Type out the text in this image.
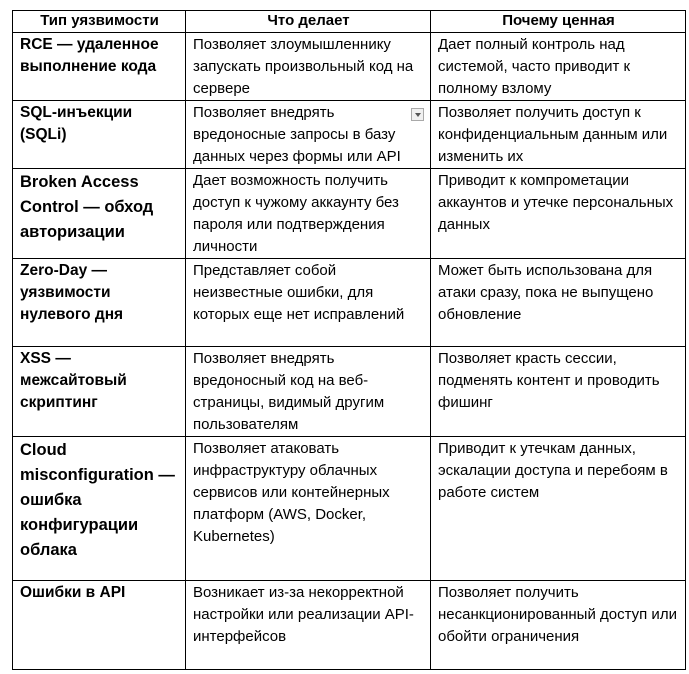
Тип уязвимости	Что делает	Почему ценная
RCE — удаленное выполнение кода	Позволяет злоумышленнику запускать произвольный код на сервере	Дает полный контроль над системой, часто приводит к полному взлому
SQL-инъекции (SQLi)	Позволяет внедрять вредоносные запросы в базу данных через формы или API	Позволяет получить доступ к конфиденциальным данным или изменить их
Broken Access Control — обход авторизации	Дает возможность получить доступ к чужому аккаунту без пароля или подтверждения личности	Приводит к компрометации аккаунтов и утечке персональных данных
Zero-Day — уязвимости нулевого дня	Представляет собой неизвестные ошибки, для которых еще нет исправлений	Может быть использована для атаки сразу, пока не выпущено обновление
XSS — межсайтовый скриптинг	Позволяет внедрять вредоносный код на веб-страницы, видимый другим пользователям	Позволяет красть сессии, подменять контент и проводить фишинг
Cloud misconfiguration — ошибка конфигурации облака	Позволяет атаковать инфраструктуру облачных сервисов или контейнерных платформ (AWS, Docker, Kubernetes)	Приводит к утечкам данных, эскалации доступа и перебоям в работе систем
Ошибки в API	Возникает из-за некорректной настройки или реализации API-интерфейсов	Позволяет получить несанкционированный доступ или обойти ограничения
